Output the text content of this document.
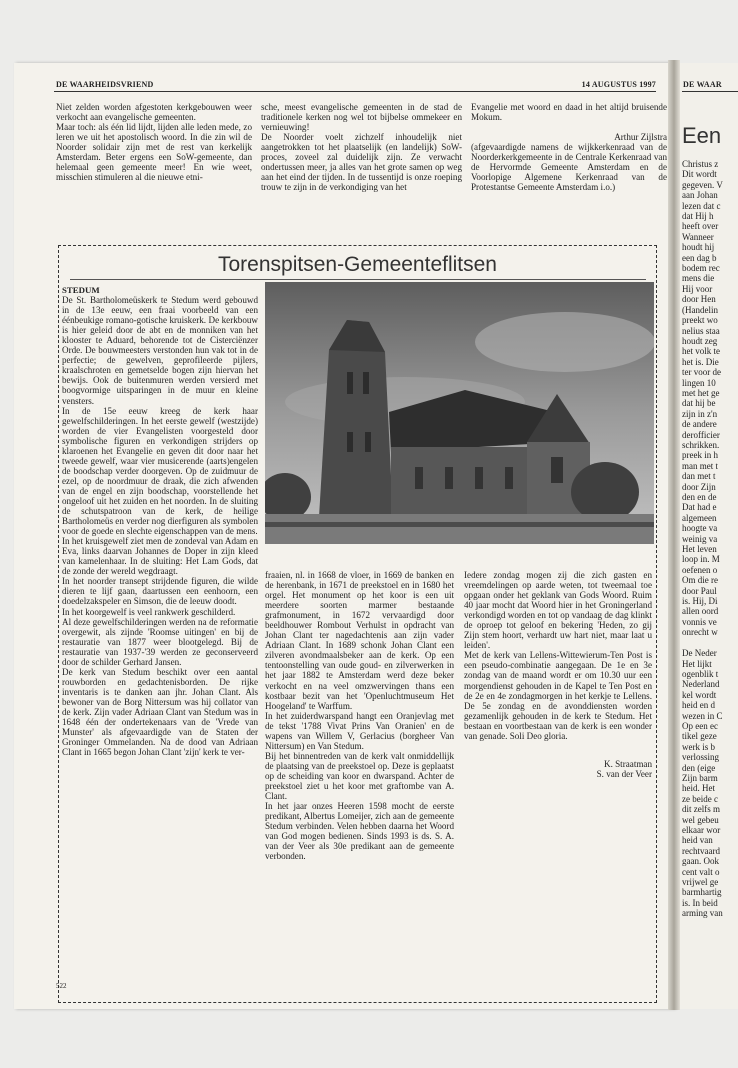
DE WAARHEIDSVRIEND	14 AUGUSTUS 1997
Niet zelden worden afgestoten kerkgebouwen weer verkocht aan evangelische gemeenten.
Maar toch: als één lid lijdt, lijden alle leden mede, zo leren we uit het apostolisch woord. In die zin wil de Noorder solidair zijn met de rest van kerkelijk Amsterdam. Beter ergens een SoW-gemeente, dan helemaal geen gemeente meer! En wie weet, misschien stimuleren al die nieuwe etni-
sche, meest evangelische gemeenten in de stad de traditionele kerken nog wel tot bijbelse ommekeer en vernieuwing!
De Noorder voelt zichzelf inhoudelijk niet aangetrokken tot het plaatselijk (en landelijk) SoW-proces, zoveel zal duidelijk zijn. Ze verwacht ondertussen meer, ja alles van het grote samen op weg aan het eind der tijden. In de tussentijd is onze roeping trouw te zijn in de verkondiging van het

Evangelie met woord en daad in het altijd bruisende Mokum.

Arthur Zijlstra

(afgevaardigde namens de wijkkerkenraad van de Noorderkerkgemeente in de Centrale Kerkenraad van de Hervormde Gemeente Amsterdam en de Voorlopige Algemene Kerkenraad van de Protestantse Gemeente Amsterdam i.o.)

Torenspitsen-Gemeenteflitsen

STEDUM

De St. Bartholomeüskerk te Stedum werd gebouwd in de 13e eeuw, een fraai voorbeeld van een éénbeukige romano-gotische kruiskerk. De kerkbouw is hier geleid door de abt en de monniken van het klooster te Aduard, behorende tot de Cisterciënzer Orde. De bouwmeesters verstonden hun vak tot in de perfectie; de gewelven, geprofileerde pijlers, kraalschroten en gemetselde bogen zijn hiervan het bewijs. Ook de buitenmuren werden versierd met boogvormige uitsparingen in de muur en kleine vensters.
In de 15e eeuw kreeg de kerk haar gewelfschilderingen. In het eerste gewelf (westzijde) worden de vier Evangelisten voorgesteld door symbolische figuren en verkondigen strijders op klaroenen het Evangelie en geven dit door naar het tweede gewelf, waar vier musicerende (aarts)engelen de boodschap verder doorgeven. Op de zuidmuur de ezel, op de noordmuur de draak, die zich afwenden van de engel en zijn boodschap, voorstellende het ongeloof uit het zuiden en het noorden. In de sluiting de schutspatroon van de kerk, de heilige Bartholomeüs en verder nog dierfiguren als symbolen voor de goede en slechte eigenschappen van de mens.
In het kruisgewelf ziet men de zondeval van Adam en Eva, links daarvan Johannes de Doper in zijn kleed van kamelenhaar. In de sluiting: Het Lam Gods, dat de zonde der wereld wegdraagt.
In het noorder transept strijdende figuren, die wilde dieren te lijf gaan, daartussen een eenhoorn, een doedelzakspeler en Simson, die de leeuw doodt.
In het koorgewelf is veel rankwerk geschilderd.
Al deze gewelfschilderingen werden na de reformatie overgewit, als zijnde 'Roomse uitingen' en bij de restauratie van 1877 weer blootgelegd. Bij de restauratie van 1937-'39 werden ze geconserveerd door de schilder Gerhard Jansen.
De kerk van Stedum beschikt over een aantal rouwborden en gedachtenisborden. De rijke inventaris is te danken aan jhr. Johan Clant. Als bewoner van de Borg Nittersum was hij collator van de kerk. Zijn vader Adriaan Clant van Stedum was in 1648 één der ondertekenaars van de 'Vrede van Munster' als afgevaardigde van de Staten der Groninger Ommelanden. Na de dood van Adriaan Clant in 1665 begon Johan Clant 'zijn' kerk te ver-

fraaien, nl. in 1668 de vloer, in 1669 de banken en de herenbank, in 1671 de preekstoel en in 1680 het orgel. Het monument op het koor is een uit meerdere soorten marmer bestaande grafmonument, in 1672 vervaardigd door beeldhouwer Rombout Verhulst in opdracht van Johan Clant ter nagedachtenis aan zijn vader Adriaan Clant. In 1689 schonk Johan Clant een zilveren avondmaalsbeker aan de kerk. Op een tentoonstelling van oude goud- en zilverwerken in het jaar 1882 te Amsterdam werd deze beker verkocht en na veel omzwervingen thans een kostbaar bezit van het 'Openluchtmuseum Het Hoogeland' te Warffum.
In het zuiderdwarspand hangt een Oranjevlag met de tekst '1788 Vivat Prins Van Oranien' en de wapens van Willem V, Gerlacius (borgheer Van Nittersum) en Van Stedum.
Bij het binnentreden van de kerk valt onmiddellijk de plaatsing van de preekstoel op. Deze is geplaatst op de scheiding van koor en dwarspand. Achter de preekstoel ziet u het koor met graftombe van A. Clant.
In het jaar onzes Heeren 1598 mocht de eerste predikant, Albertus Lomeijer, zich aan de gemeente Stedum verbinden. Velen hebben daarna het Woord van God mogen bedienen. Sinds 1993 is ds. S. A. van der Veer als 30e predikant aan de gemeente verbonden.

Iedere zondag mogen zij die zich gasten en vreemdelingen op aarde weten, tot tweemaal toe opgaan onder het geklank van Gods Woord. Ruim 40 jaar mocht dat Woord hier in het Groningerland verkondigd worden en tot op vandaag de dag klinkt de oproep tot geloof en bekering 'Heden, zo gij Zijn stem hoort, verhardt uw hart niet, maar laat u leiden'.
Met de kerk van Lellens-Wittewierum-Ten Post is een pseudo-combinatie aangegaan. De 1e en 3e zondag van de maand wordt er om 10.30 uur een morgendienst gehouden in de Kapel te Ten Post en de 2e en 4e zondagmorgen in het kerkje te Lellens. De 5e zondag en de avonddiensten worden gezamenlijk gehouden in de kerk te Stedum. Het bestaan en voortbestaan van de kerk is een wonder van genade. Soli Deo gloria.

K. Straatman

S. van der Veer

522
DE WAAR
Een
Christus z
Dit wordt
gegeven. V
aan Johan
lezen dat c
dat Hij h
heeft over
Wanneer
houdt hij
een dag b
bodem rec
mens die
Hij voor
door Hen
(Handelin
preekt wo
nelius staa
houdt zeg
het volk te
het is. Die
ter voor de
lingen 10
met het ge
dat hij be
zijn in z'n
de andere
derofficier
schrikken.
preek in h
man met t
dan met t
door Zijn
den en de
Dat had e
algemeen
hoogte va
weinig va
Het leven
loop in. M
oefenen o
Om die re
door Paul
is. Hij, Di
allen oord
vonnis ve
onrecht w

De Neder
Het lijkt
ogenblik t
Nederland
kel wordt
heid en d
wezen in C
Op een ec
tikel geze
werk is b
verlossing
den (eige
Zijn barm
heid. Het
ze beide c
dit zelfs m
wel gebeu
elkaar wor
heid van
rechtvaard
gaan. Ook
cent valt o
vrijwel ge
barmhartig
is. In beid
arming van
